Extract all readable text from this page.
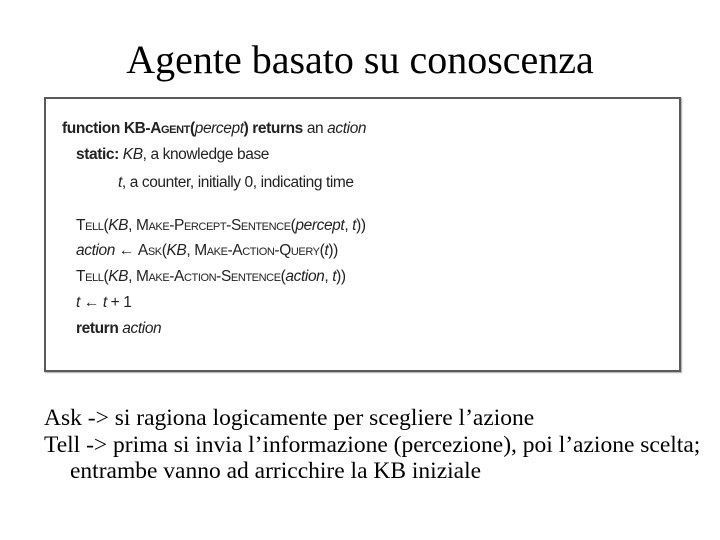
Agente basato su conoscenza
function KB-Agent(percept) returns an action
static: KB, a knowledge base
t, a counter, initially 0, indicating time
Tell(KB, Make-Percept-Sentence(percept, t))
action ← Ask(KB, Make-Action-Query(t))
Tell(KB, Make-Action-Sentence(action, t))
t ← t + 1
return action
Ask -> si ragiona logicamente per scegliere l’azione
Tell -> prima si invia l’informazione (percezione), poi l’azione scelta; entrambe vanno ad arricchire la KB iniziale
